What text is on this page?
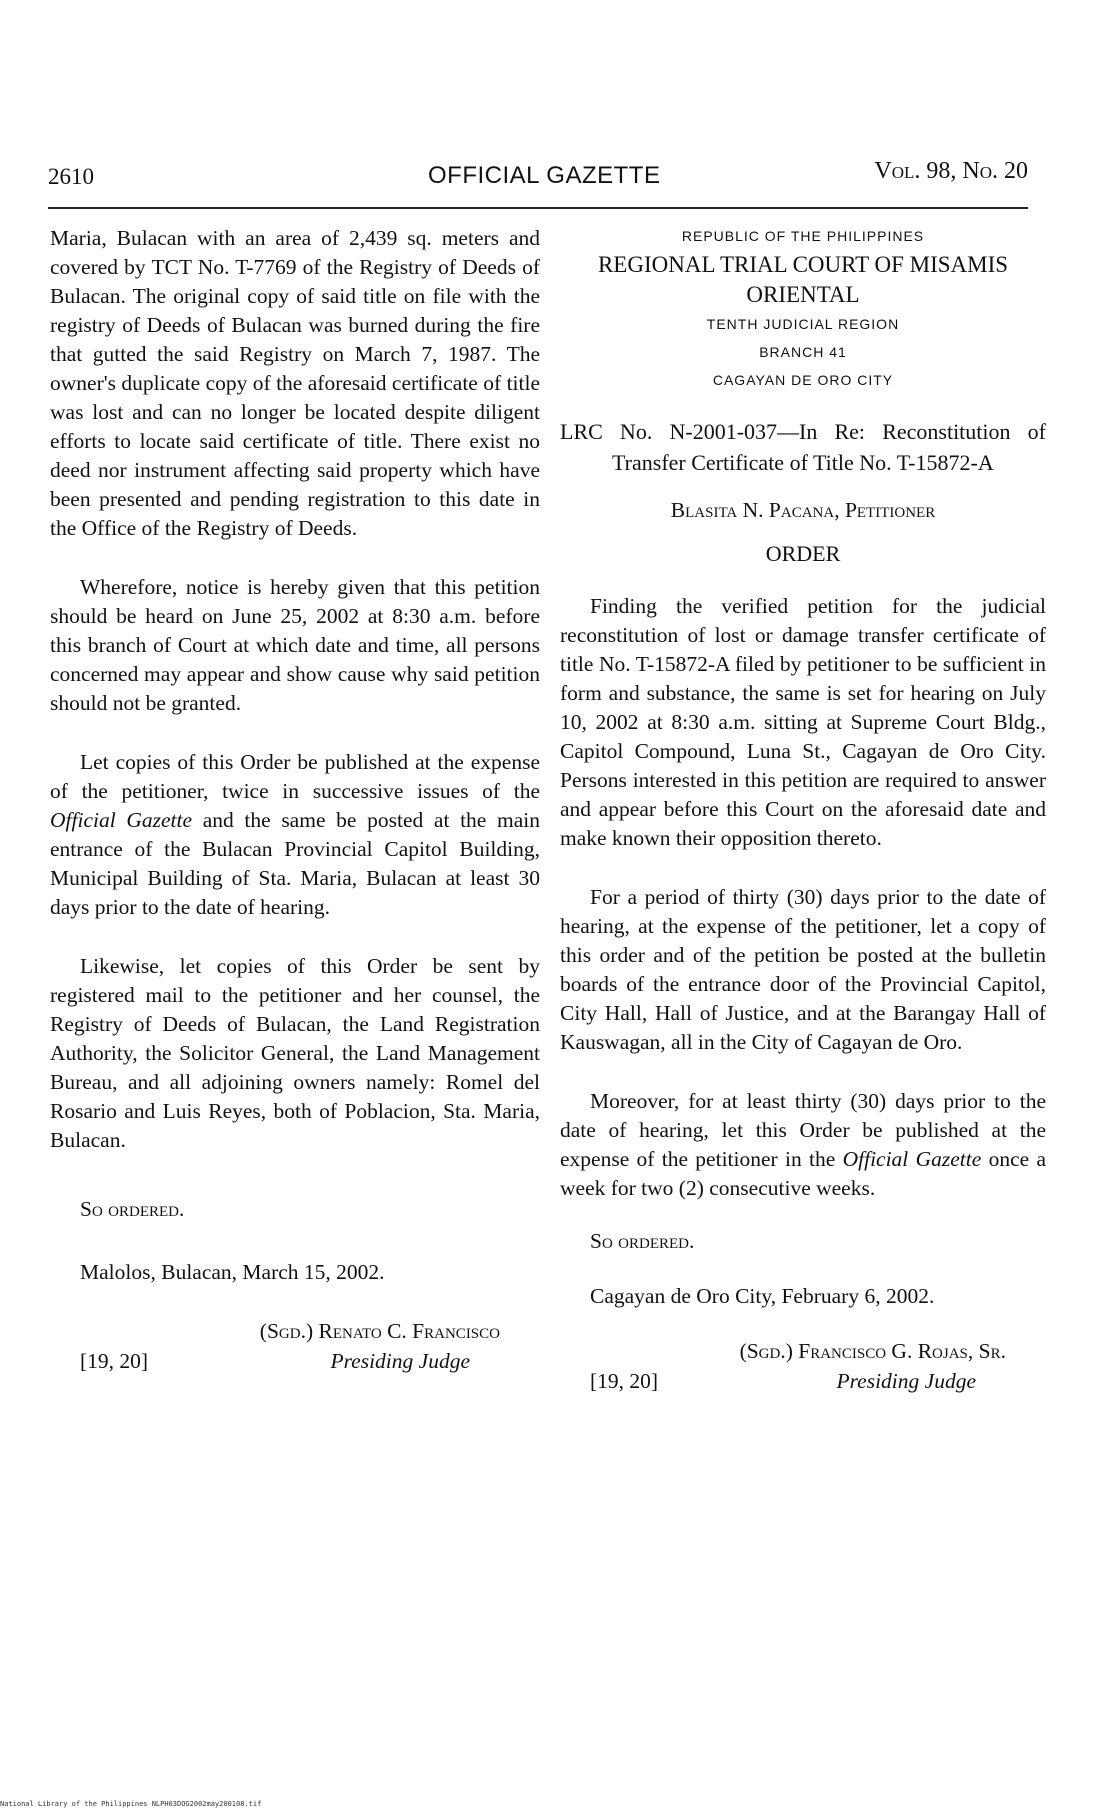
2610	OFFICIAL GAZETTE	Vol. 98, No. 20

Maria, Bulacan with an area of 2,439 sq. meters and covered by TCT No. T-7769 of the Registry of Deeds of Bulacan. The original copy of said title on file with the registry of Deeds of Bulacan was burned during the fire that gutted the said Registry on March 7, 1987. The owner's duplicate copy of the aforesaid certificate of title was lost and can no longer be located despite diligent efforts to locate said certificate of title. There exist no deed nor instrument affecting said property which have been presented and pending registration to this date in the Office of the Registry of Deeds.

Wherefore, notice is hereby given that this petition should be heard on June 25, 2002 at 8:30 a.m. before this branch of Court at which date and time, all persons concerned may appear and show cause why said petition should not be granted.

Let copies of this Order be published at the expense of the petitioner, twice in successive issues of the Official Gazette and the same be posted at the main entrance of the Bulacan Provincial Capitol Building, Municipal Building of Sta. Maria, Bulacan at least 30 days prior to the date of hearing.

Likewise, let copies of this Order be sent by registered mail to the petitioner and her counsel, the Registry of Deeds of Bulacan, the Land Registration Authority, the Solicitor General, the Land Management Bureau, and all adjoining owners namely: Romel del Rosario and Luis Reyes, both of Poblacion, Sta. Maria, Bulacan.

So ordered.

Malolos, Bulacan, March 15, 2002.

(Sgd.) Renato C. Francisco
[19, 20]	Presiding Judge
REPUBLIC OF THE PHILIPPINES
REGIONAL TRIAL COURT OF MISAMIS ORIENTAL
TENTH JUDICIAL REGION
BRANCH 41
CAGAYAN DE ORO CITY
LRC No. N-2001-037—In Re: Reconstitution of Transfer Certificate of Title No. T-15872-A
Blasita N. Pacana, Petitioner
ORDER

Finding the verified petition for the judicial reconstitution of lost or damage transfer certificate of title No. T-15872-A filed by petitioner to be sufficient in form and substance, the same is set for hearing on July 10, 2002 at 8:30 a.m. sitting at Supreme Court Bldg., Capitol Compound, Luna St., Cagayan de Oro City. Persons interested in this petition are required to answer and appear before this Court on the aforesaid date and make known their opposition thereto.

For a period of thirty (30) days prior to the date of hearing, at the expense of the petitioner, let a copy of this order and of the petition be posted at the bulletin boards of the entrance door of the Provincial Capitol, City Hall, Hall of Justice, and at the Barangay Hall of Kauswagan, all in the City of Cagayan de Oro.

Moreover, for at least thirty (30) days prior to the date of hearing, let this Order be published at the expense of the petitioner in the Official Gazette once a week for two (2) consecutive weeks.

So ordered.

Cagayan de Oro City, February 6, 2002.

(Sgd.) Francisco G. Rojas, Sr.
[19, 20]	Presiding Judge
National Library of the Philippines NLPH03DOG2002may200108.tif
